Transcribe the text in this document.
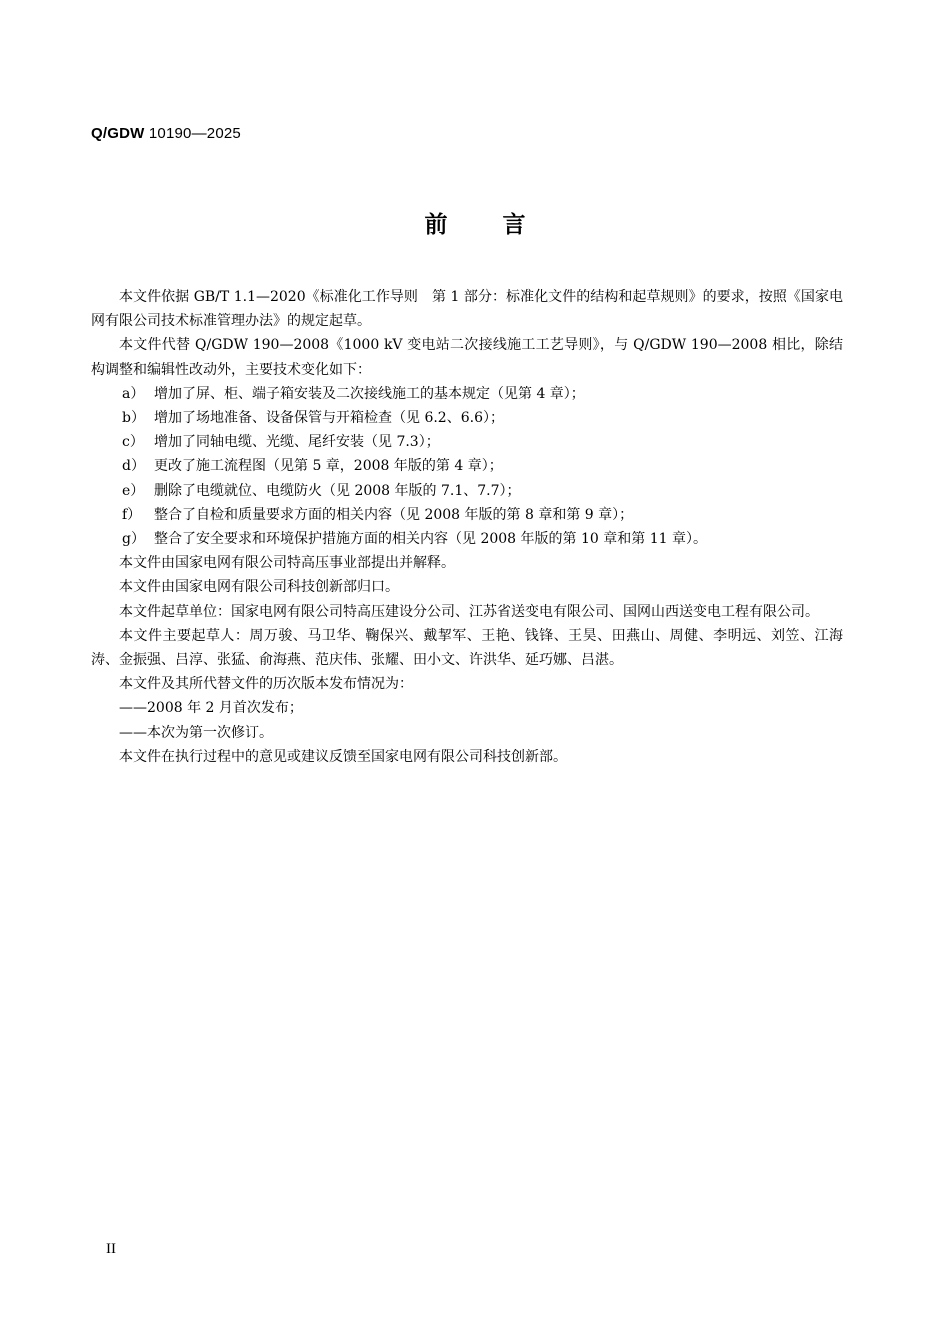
Q/GDW 10190—2025
前言

本文件依据 GB/T 1.1—2020《标准化工作导则　第 1 部分：标准化文件的结构和起草规则》的要求，按照《国家电网有限公司技术标准管理办法》的规定起草。

本文件代替 Q/GDW 190—2008《1000 kV 变电站二次接线施工工艺导则》，与 Q/GDW 190—2008 相比，除结构调整和编辑性改动外，主要技术变化如下：

a） 增加了屏、柜、端子箱安装及二次接线施工的基本规定（见第 4 章）；

b） 增加了场地准备、设备保管与开箱检查（见 6.2、6.6）；

c） 增加了同轴电缆、光缆、尾纤安装（见 7.3）；

d） 更改了施工流程图（见第 5 章，2008 年版的第 4 章）；

e） 删除了电缆就位、电缆防火（见 2008 年版的 7.1、7.7）；

f） 整合了自检和质量要求方面的相关内容（见 2008 年版的第 8 章和第 9 章）；

g） 整合了安全要求和环境保护措施方面的相关内容（见 2008 年版的第 10 章和第 11 章）。

本文件由国家电网有限公司特高压事业部提出并解释。

本文件由国家电网有限公司科技创新部归口。

本文件起草单位：国家电网有限公司特高压建设分公司、江苏省送变电有限公司、国网山西送变电工程有限公司。

本文件主要起草人：周万骏、马卫华、鞠保兴、戴挈军、王艳、钱锋、王昊、田燕山、周健、李明远、刘笠、江海涛、金振强、吕淳、张猛、俞海燕、范庆伟、张耀、田小文、许洪华、延巧娜、吕湛。

本文件及其所代替文件的历次版本发布情况为：

——2008 年 2 月首次发布；

——本次为第一次修订。

本文件在执行过程中的意见或建议反馈至国家电网有限公司科技创新部。

II
